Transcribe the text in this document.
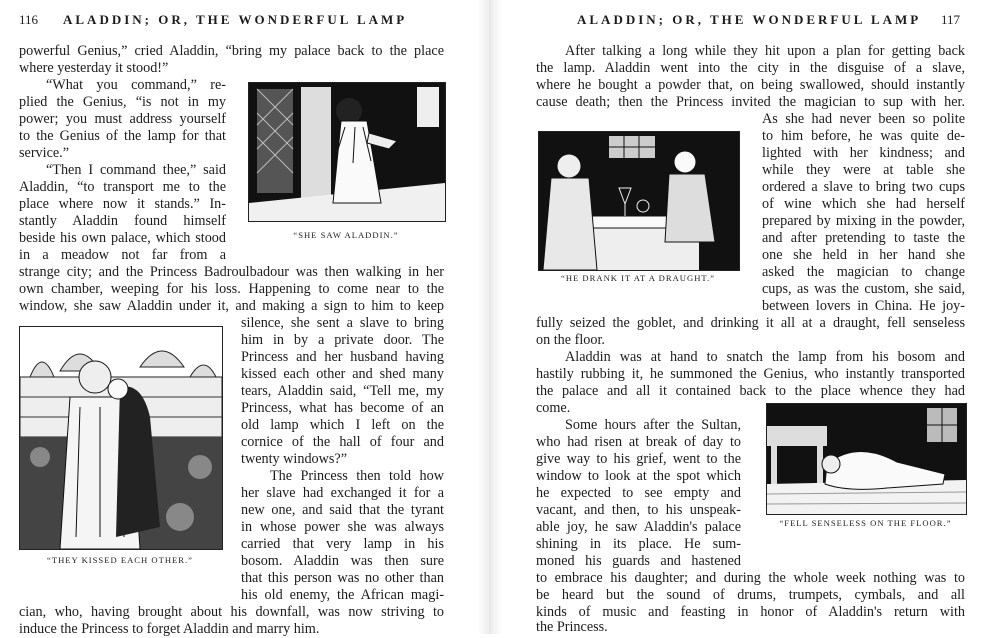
116 ALADDIN; OR, THE WONDERFUL LAMP
powerful Genius,” cried Aladdin, “bring my palace back to the place
where yesterday it stood!”
“What you command,” re-
plied the Genius, “is not in my
power; you must address yourself
to the Genius of the lamp for that
service.”
“Then I command thee,” said
Aladdin, “to transport me to the
place where now it stands.” In-
stantly Aladdin found himself
beside his own palace, which stood
in a meadow not far from a
strange city; and the Princess Badroulbadour was then walking in her
own chamber, weeping for his loss. Happening to come near to the
window, she saw Aladdin under it, and making a sign to him to keep
silence, she sent a slave to bring
him in by a private door. The
Princess and her husband having
kissed each other and shed many
tears, Aladdin said, “Tell me, my
Princess, what has become of an
old lamp which I left on the
cornice of the hall of four and
twenty windows?”
The Princess then told how
her slave had exchanged it for a
new one, and said that the tyrant
in whose power she was always
carried that very lamp in his
bosom. Aladdin was then sure
that this person was no other than
his old enemy, the African magi-
cian, who, having brought about his downfall, was now striving to
induce the Princess to forget Aladdin and marry him.
“SHE SAW ALADDIN.”
“THEY KISSED EACH OTHER.”
ALADDIN; OR, THE WONDERFUL LAMP 117
After talking a long while they hit upon a plan for getting back
the lamp. Aladdin went into the city in the disguise of a slave,
where he bought a powder that, on being swallowed, should instantly
cause death; then the Princess invited the magician to sup with her.
As she had never been so polite
to him before, he was quite de-
lighted with her kindness; and
while they were at table she
ordered a slave to bring two cups
of wine which she had herself
prepared by mixing in the powder,
and after pretending to taste the
one she held in her hand she
asked the magician to change
cups, as was the custom, she said,
between lovers in China. He joy-
fully seized the goblet, and drinking it all at a draught, fell senseless
on the floor.
Aladdin was at hand to snatch the lamp from his bosom and
hastily rubbing it, he summoned the Genius, who instantly transported
the palace and all it contained back to the place whence they had
come.
Some hours after the Sultan,
who had risen at break of day to
give way to his grief, went to the
window to look at the spot which
he expected to see empty and
vacant, and then, to his unspeak-
able joy, he saw Aladdin's palace
shining in its place. He sum-
moned his guards and hastened
to embrace his daughter; and during the whole week nothing was to
be heard but the sound of drums, trumpets, cymbals, and all
kinds of music and feasting in honor of Aladdin's return with
the Princess.
“HE DRANK IT AT A DRAUGHT.”
“FELL SENSELESS ON THE FLOOR.”
